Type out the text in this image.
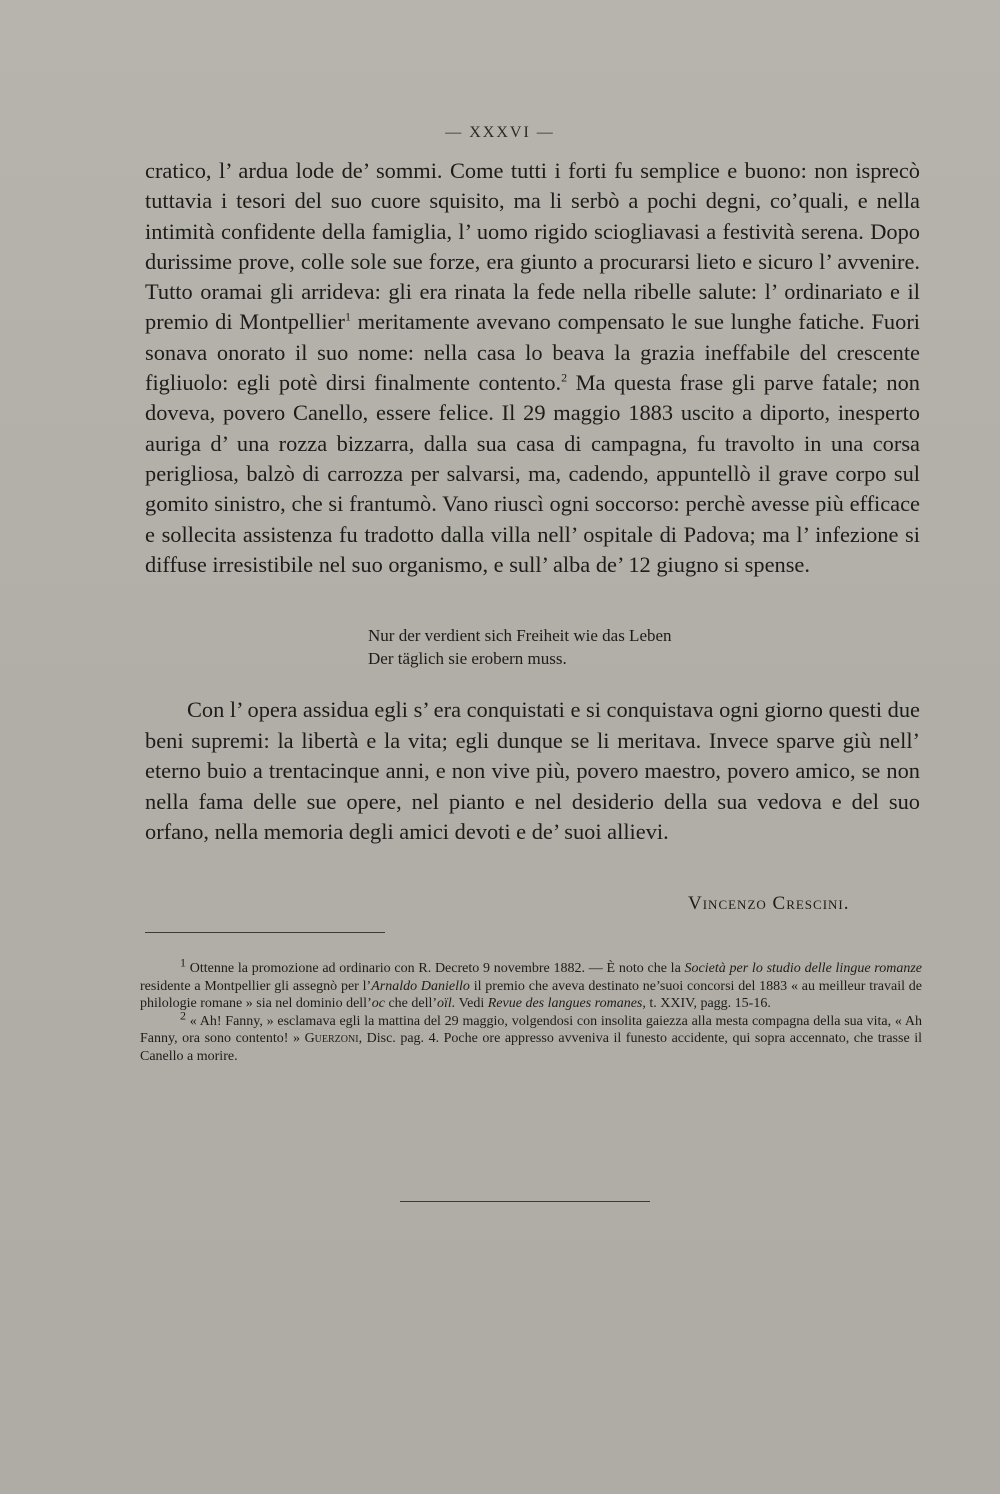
— XXXVI —

cratico, l’ ardua lode de’ sommi. Come tutti i forti fu semplice e buono: non isprecò tuttavia i tesori del suo cuore squisito, ma li serbò a pochi degni, co’quali, e nella intimità confidente della famiglia, l’ uomo rigido sciogliavasi a festività serena. Dopo durissime prove, colle sole sue forze, era giunto a procurarsi lieto e sicuro l’ avvenire. Tutto oramai gli arrideva: gli era rinata la fede nella ribelle salute: l’ ordinariato e il premio di Montpellier$^1$ meritamente avevano compensato le sue lunghe fatiche. Fuori sonava onorato il suo nome: nella casa lo beava la grazia ineffabile del crescente figliuolo: egli potè dirsi finalmente contento.$^2$ Ma questa frase gli parve fatale; non doveva, povero Canello, essere felice. Il 29 maggio 1883 uscito a diporto, inesperto auriga d’ una rozza bizzarra, dalla sua casa di campagna, fu travolto in una corsa perigliosa, balzò di carrozza per salvarsi, ma, cadendo, appuntellò il grave corpo sul gomito sinistro, che si frantumò. Vano riuscì ogni soccorso: perchè avesse più efficace e sollecita assistenza fu tradotto dalla villa nell’ ospitale di Padova; ma l’ infezione si diffuse irresistibile nel suo organismo, e sull’ alba de’ 12 giugno si spense.

Nur der verdient sich Freiheit wie das Leben
Der täglich sie erobern muss.

Con l’ opera assidua egli s’ era conquistati e si conquistava ogni giorno questi due beni supremi: la libertà e la vita; egli dunque se li meritava. Invece sparve giù nell’ eterno buio a trentacinque anni, e non vive più, povero maestro, povero amico, se non nella fama delle sue opere, nel pianto e nel desiderio della sua vedova e del suo orfano, nella memoria degli amici devoti e de’ suoi allievi.

Vincenzo Crescini.

$^1$ Ottenne la promozione ad ordinario con R. Decreto 9 novembre 1882. — È noto che la Società per lo studio delle lingue romanze residente a Montpellier gli assegnò per l’Arnaldo Daniello il premio che aveva destinato ne’suoi concorsi del 1883 « au meilleur travail de philologie romane » sia nel dominio dell’oc che dell’oïl. Vedi Revue des langues romanes, t. XXIV, pagg. 15-16.

$^2$ « Ah! Fanny, » esclamava egli la mattina del 29 maggio, volgendosi con insolita gaiezza alla mesta compagna della sua vita, « Ah Fanny, ora sono contento! » Guerzoni, Disc. pag. 4. Poche ore appresso avveniva il funesto accidente, qui sopra accennato, che trasse il Canello a morire.
